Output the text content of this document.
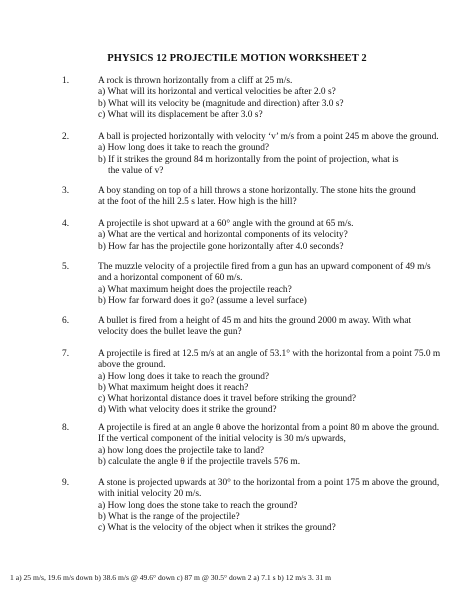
PHYSICS 12 PROJECTILE MOTION WORKSHEET 2
1.	A rock is thrown horizontally from a cliff at 25 m/s.
a) What will its horizontal and vertical velocities be after 2.0 s?
b) What will its velocity be (magnitude and direction) after 3.0 s?
c) What will its displacement be after 3.0 s?
2.	A ball is projected horizontally with velocity ‘v’ m/s from a point 245 m above the ground.
a) How long does it take to reach the ground?
b) If it strikes the ground 84 m horizontally from the point of projection, what is
the value of v?
3.	A boy standing on top of a hill throws a stone horizontally. The stone hits the ground
at the foot of the hill 2.5 s later. How high is the hill?
4.	A projectile is shot upward at a 60° angle with the ground at 65 m/s.
a) What are the vertical and horizontal components of its velocity?
b) How far has the projectile gone horizontally after 4.0 seconds?
5.	The muzzle velocity of a projectile fired from a gun has an upward component of 49 m/s
and a horizontal component of 60 m/s.
a) What maximum height does the projectile reach?
b) How far forward does it go? (assume a level surface)
6.	A bullet is fired from a height of 45 m and hits the ground 2000 m away. With what
velocity does the bullet leave the gun?
7.	A projectile is fired at 12.5 m/s at an angle of 53.1° with the horizontal from a point 75.0 m
above the ground.
a) How long does it take to reach the ground?
b) What maximum height does it reach?
c) What horizontal distance does it travel before striking the ground?
d) With what velocity does it strike the ground?
8.	A projectile is fired at an angle θ above the horizontal from a point 80 m above the ground.
If the vertical component of the initial velocity is 30 m/s upwards,
a) how long does the projectile take to land?
b) calculate the angle θ if the projectile travels 576 m.
9.	A stone is projected upwards at 30° to the horizontal from a point 175 m above the ground,
with initial velocity 20 m/s.
a) How long does the stone take to reach the ground?
b) What is the range of the projectile?
c) What is the velocity of the object when it strikes the ground?
1 a) 25 m/s, 19.6 m/s down b) 38.6 m/s @ 49.6° down c) 87 m @ 30.5° down 2 a) 7.1 s b) 12 m/s 3. 31 m
